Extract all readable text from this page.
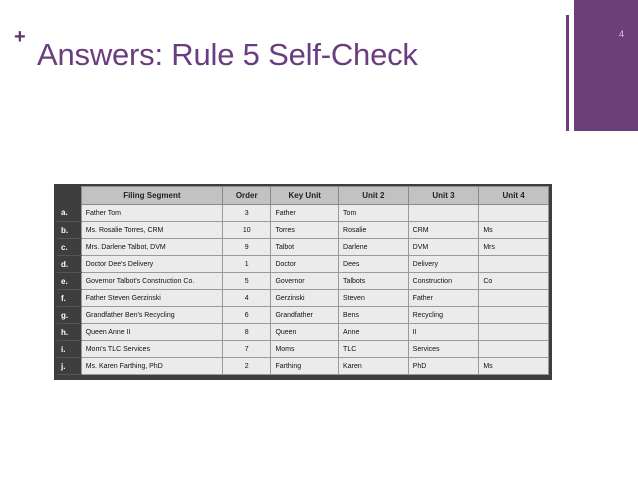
+ Answers: Rule 5 Self-Check
4
	Filing Segment	Order	Key Unit	Unit 2	Unit 3	Unit 4
a.	Father Tom	3	Father	Tom		
b.	Ms. Rosalie Torres, CRM	10	Torres	Rosalie	CRM	Ms
c.	Mrs. Darlene Talbot, DVM	9	Talbot	Darlene	DVM	Mrs
d.	Doctor Dee's Delivery	1	Doctor	Dees	Delivery	
e.	Governor Talbot's Construction Co.	5	Governor	Talbots	Construction	Co
f.	Father Steven Gerzinski	4	Gerzinski	Steven	Father	
g.	Grandfather Ben's Recycling	6	Grandfather	Bens	Recycling	
h.	Queen Anne II	8	Queen	Anne	II	
i.	Mom's TLC Services	7	Moms	TLC	Services	
j.	Ms. Karen Farthing, PhD	2	Farthing	Karen	PhD	Ms
